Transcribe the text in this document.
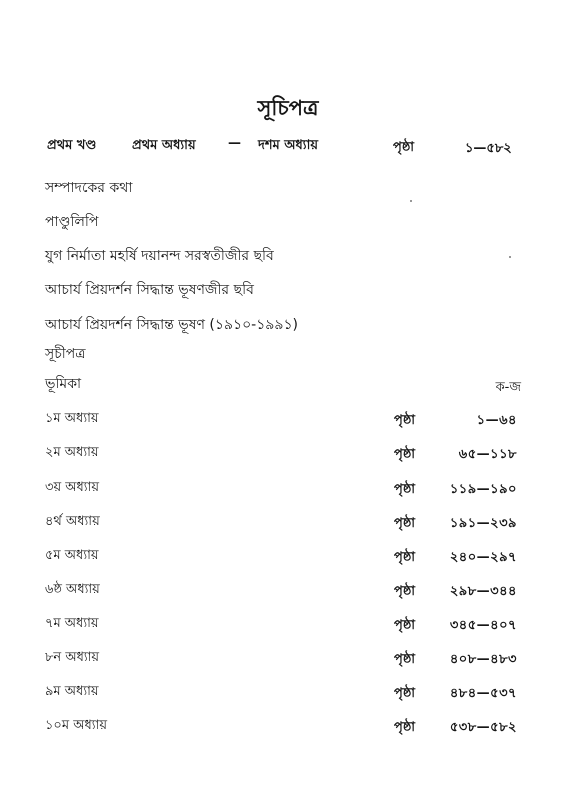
সূচিপত্র
প্রথম খণ্ড	প্রথম অধ্যায় — দশম অধ্যায়	পৃষ্ঠা	১—৫৮২
সম্পাদকের কথা
পাণ্ডুলিপি
যুগ নির্মাতা মহর্ষি দয়ানন্দ সরস্বতীজীর ছবি
আচার্য প্রিয়দর্শন সিদ্ধান্ত ভূষণজীর ছবি
আচার্য প্রিয়দর্শন সিদ্ধান্ত ভূষণ (১৯১০-১৯৯১)
সূচীপত্র
ভূমিকা	ক-জ
১ম অধ্যায়	পৃষ্ঠা	১—৬৪
২ম অধ্যায়	পৃষ্ঠা	৬৫—১১৮
৩য় অধ্যায়	পৃষ্ঠা	১১৯—১৯০
৪র্থ অধ্যায়	পৃষ্ঠা	১৯১—২৩৯
৫ম অধ্যায়	পৃষ্ঠা	২৪০—২৯৭
৬ষ্ঠ অধ্যায়	পৃষ্ঠা	২৯৮—৩৪৪
৭ম অধ্যায়	পৃষ্ঠা	৩৪৫—৪০৭
৮ন অধ্যায়	পৃষ্ঠা	৪০৮—৪৮৩
৯ম অধ্যায়	পৃষ্ঠা	৪৮৪—৫৩৭
১০ম অধ্যায়	পৃষ্ঠা	৫৩৮—৫৮২
